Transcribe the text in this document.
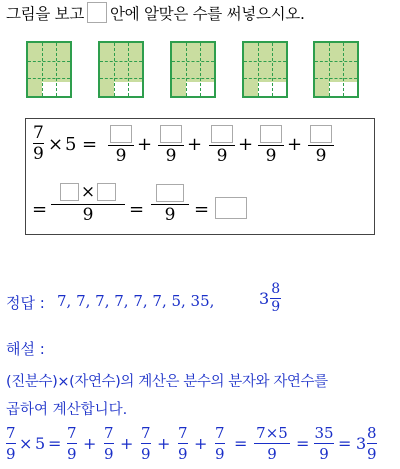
그림을 보고 안에 알맞은 수를 써넣으시오.
7
9 × 5 =
=
×
9 = 9 =
9
+
9
+
9
+
9
+
9
정답 : 7, 7, 7, 7, 7, 7, 5, 35,	3 8
9
해설 :
(진분수)×(자연수)의 계산은 분수의 분자와 자연수를
곱하여 계산합니다.
7
9
× 5 =
7
9
+
7
9
+
7
9
+
7
9
+
7
9
=
7×5
9
=
35
9
= 3
8
9
